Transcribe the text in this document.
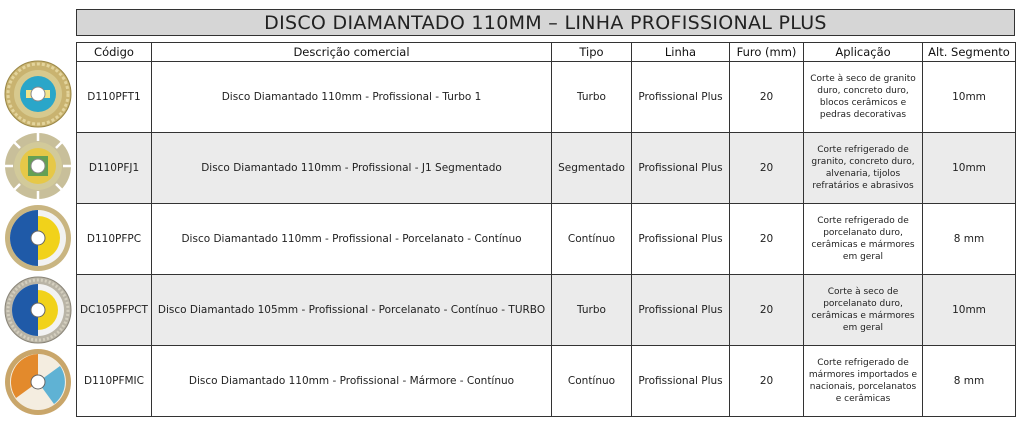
DISCO DIAMANTADO 110MM – LINHA PROFISSIONAL PLUS
Código	Descrição comercial	Tipo	Linha	Furo (mm)	Aplicação	Alt. Segmento
D110PFT1	Disco Diamantado 110mm - Profissional - Turbo 1	Turbo	Profissional Plus	20	Corte à seco de granito duro, concreto duro, blocos cerâmicos e pedras decorativas	10mm
D110PFJ1	Disco Diamantado 110mm - Profissional - J1 Segmentado	Segmentado	Profissional Plus	20	Corte refrigerado de granito, concreto duro, alvenaria, tijolos refratários e abrasivos	10mm
D110PFPC	Disco Diamantado 110mm - Profissional - Porcelanato - Contínuo	Contínuo	Profissional Plus	20	Corte refrigerado de porcelanato duro, cerâmicas e mármores em geral	8 mm
DC105PFPCT	Disco Diamantado 105mm - Profissional - Porcelanato - Contínuo - TURBO	Turbo	Profissional Plus	20	Corte à seco de porcelanato duro, cerâmicas e mármores em geral	10mm
D110PFMIC	Disco Diamantado 110mm - Profissional - Mármore - Contínuo	Contínuo	Profissional Plus	20	Corte refrigerado de mármores importados e nacionais, porcelanatos e cerâmicas	8 mm
